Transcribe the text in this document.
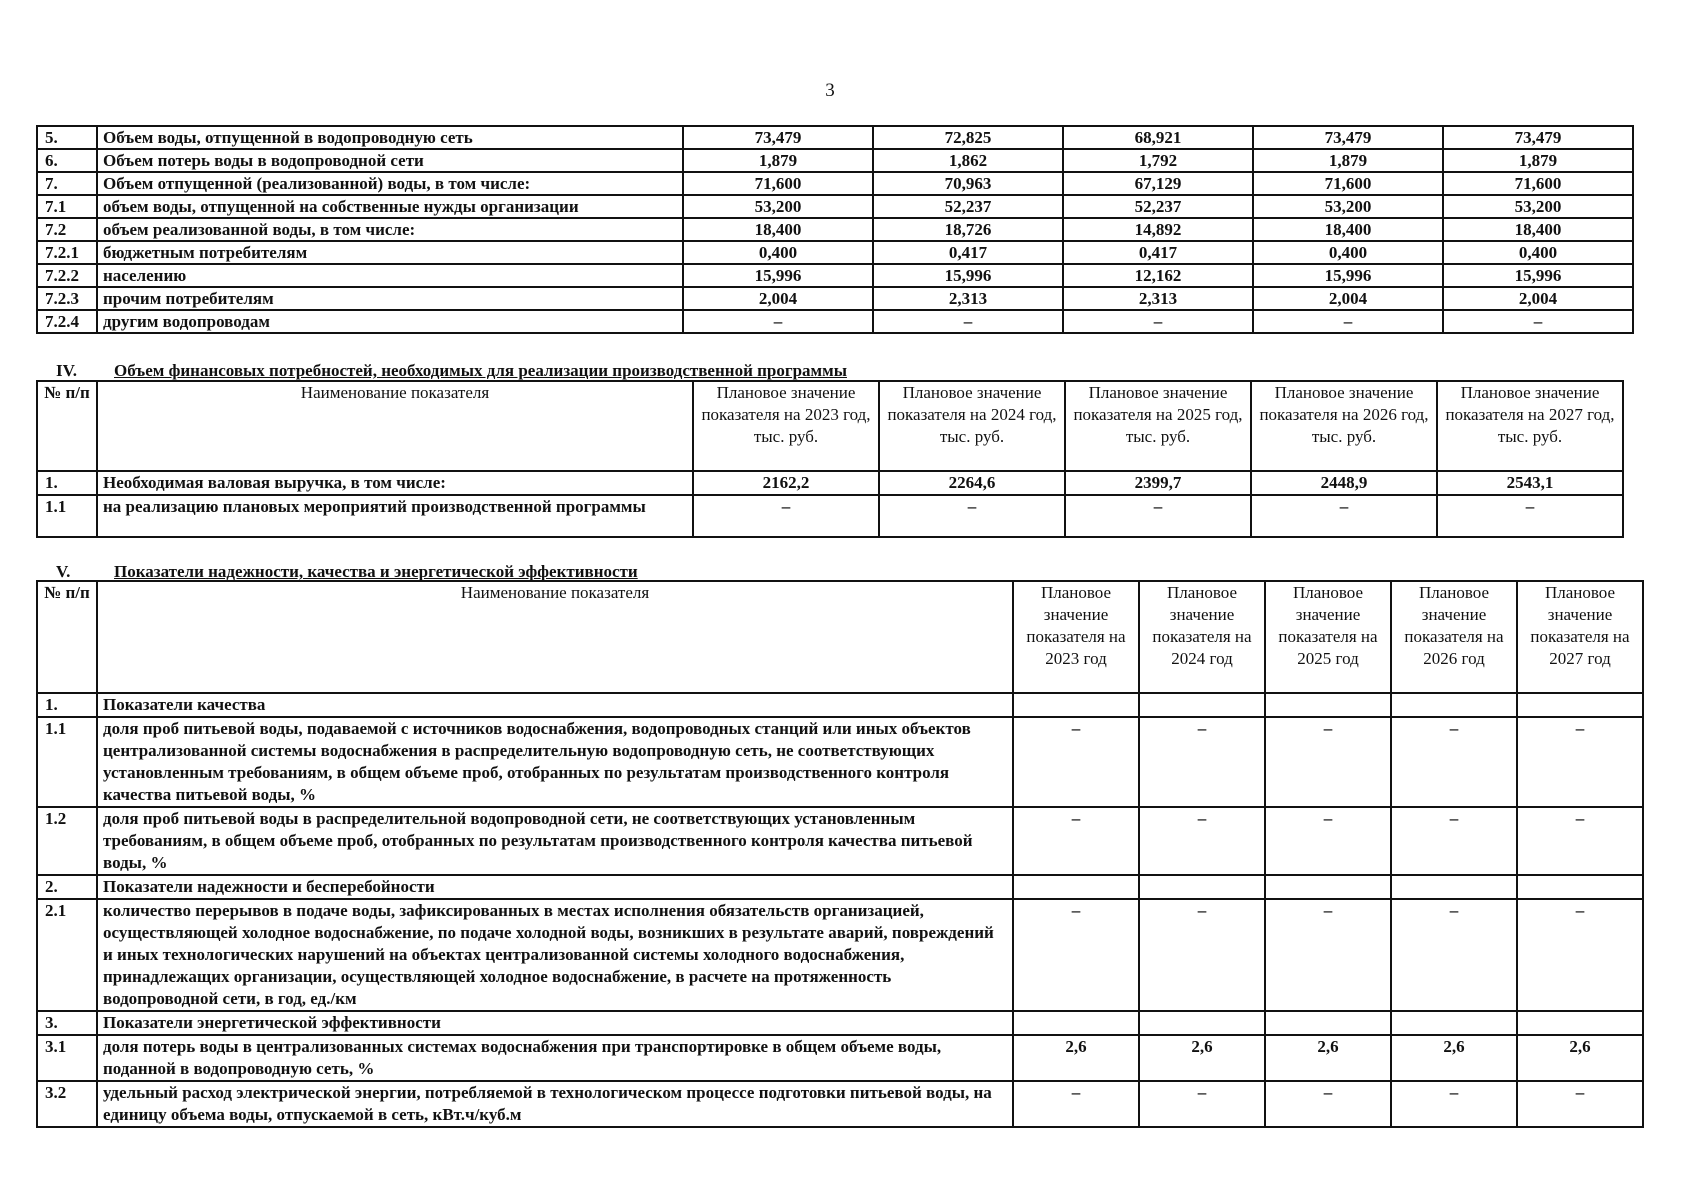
3
5.	Объем воды, отпущенной в водопроводную сеть	73,479	72,825	68,921	73,479	73,479
6.	Объем потерь воды в водопроводной сети	1,879	1,862	1,792	1,879	1,879
7.	Объем отпущенной (реализованной) воды, в том числе:	71,600	70,963	67,129	71,600	71,600
7.1	объем воды, отпущенной на собственные нужды организации	53,200	52,237	52,237	53,200	53,200
7.2	объем реализованной воды, в том числе:	18,400	18,726	14,892	18,400	18,400
7.2.1	бюджетным потребителям	0,400	0,417	0,417	0,400	0,400
7.2.2	населению	15,996	15,996	12,162	15,996	15,996
7.2.3	прочим потребителям	2,004	2,313	2,313	2,004	2,004
7.2.4	другим водопроводам	–	–	–	–	–
IV. Объем финансовых потребностей, необходимых для реализации производственной программы
№ п/п	Наименование показателя	Плановое значение показателя на 2023 год, тыс. руб.	Плановое значение показателя на 2024 год, тыс. руб.	Плановое значение показателя на 2025 год, тыс. руб.	Плановое значение показателя на 2026 год, тыс. руб.	Плановое значение показателя на 2027 год, тыс. руб.
1.	Необходимая валовая выручка, в том числе:	2162,2	2264,6	2399,7	2448,9	2543,1
1.1	на реализацию плановых мероприятий производственной программы	–	–	–	–	–
V.	Показатели надежности, качества и энергетической эффективности
№ п/п	Наименование показателя	Плановое значение показателя на 2023 год	Плановое значение показателя на 2024 год	Плановое значение показателя на 2025 год	Плановое значение показателя на 2026 год	Плановое значение показателя на 2027 год
1.	Показатели качества					
1.1	доля проб питьевой воды, подаваемой с источников водоснабжения, водопроводных станций или иных объектов централизованной системы водоснабжения в распределительную водопроводную сеть, не соответствующих установленным требованиям, в общем объеме проб, отобранных по результатам производственного контроля качества питьевой воды, %	–	–	–	–	–
1.2	доля проб питьевой воды в распределительной водопроводной сети, не соответствующих установленным требованиям, в общем объеме проб, отобранных по результатам производственного контроля качества питьевой воды, %	–	–	–	–	–
2.	Показатели надежности и бесперебойности					
2.1	количество перерывов в подаче воды, зафиксированных в местах исполнения обязательств организацией, осуществляющей холодное водоснабжение, по подаче холодной воды, возникших в результате аварий, повреждений и иных технологических нарушений на объектах централизованной системы холодного водоснабжения, принадлежащих организации, осуществляющей холодное водоснабжение, в расчете на протяженность водопроводной сети, в год, ед./км	–	–	–	–	–
3.	Показатели энергетической эффективности					
3.1	доля потерь воды в централизованных системах водоснабжения при транспортировке в общем объеме воды, поданной в водопроводную сеть, %	2,6	2,6	2,6	2,6	2,6
3.2	удельный расход электрической энергии, потребляемой в технологическом процессе подготовки питьевой воды, на единицу объема воды, отпускаемой в сеть, кВт.ч/куб.м	–	–	–	–	–
